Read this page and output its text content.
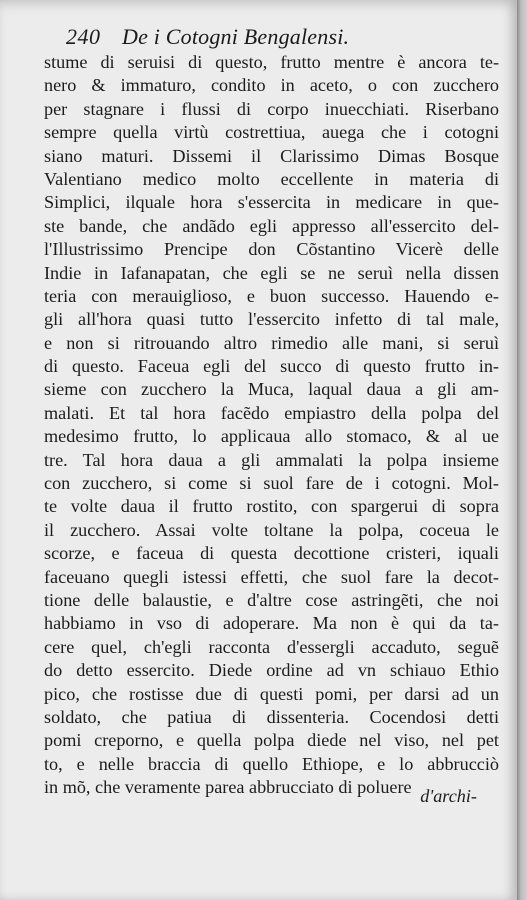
240 De i Cotogni Bengalensi.
stume di seruisi di questo, frutto mentre è ancora te-
nero & immaturo, condito in aceto, o con zucchero
per stagnare i flussi di corpo inuecchiati. Riserbano
sempre quella virtù costrettiua, auega che i cotogni
siano maturi. Dissemi il Clarissimo Dimas Bosque
Valentiano medico molto eccellente in materia di
Simplici, ilquale hora s'essercita in medicare in que-
ste bande, che andãdo egli appresso all'essercito del-
l'Illustrissimo Prencipe don Cõstantino Vicerè delle
Indie in Iafanapatan, che egli se ne seruì nella dissen
teria con merauiglioso, e buon successo. Hauendo e-
gli all'hora quasi tutto l'essercito infetto di tal male,
e non si ritrouando altro rimedio alle mani, si seruì
di questo. Faceua egli del succo di questo frutto in-
sieme con zucchero la Muca, laqual daua a gli am-
malati. Et tal hora facẽdo empiastro della polpa del
medesimo frutto, lo applicaua allo stomaco, & al ue
tre. Tal hora daua a gli ammalati la polpa insieme
con zucchero, si come si suol fare de i cotogni. Mol-
te volte daua il frutto rostito, con spargerui di sopra
il zucchero. Assai volte toltane la polpa, coceua le
scorze, e faceua di questa decottione cristeri, iquali
faceuano quegli istessi effetti, che suol fare la decot-
tione delle balaustie, e d'altre cose astringẽti, che noi
habbiamo in vso di adoperare. Ma non è qui da ta-
cere quel, ch'egli racconta d'essergli accaduto, seguẽ
do detto essercito. Diede ordine ad vn schiauo Ethio
pico, che rostisse due di questi pomi, per darsi ad un
soldato, che patiua di dissenteria. Cocendosi detti
pomi creporno, e quella polpa diede nel viso, nel pet
to, e nelle braccia di quello Ethiope, e lo abbrucciò
in mõ, che veramente parea abbrucciato di poluere d'archi-
